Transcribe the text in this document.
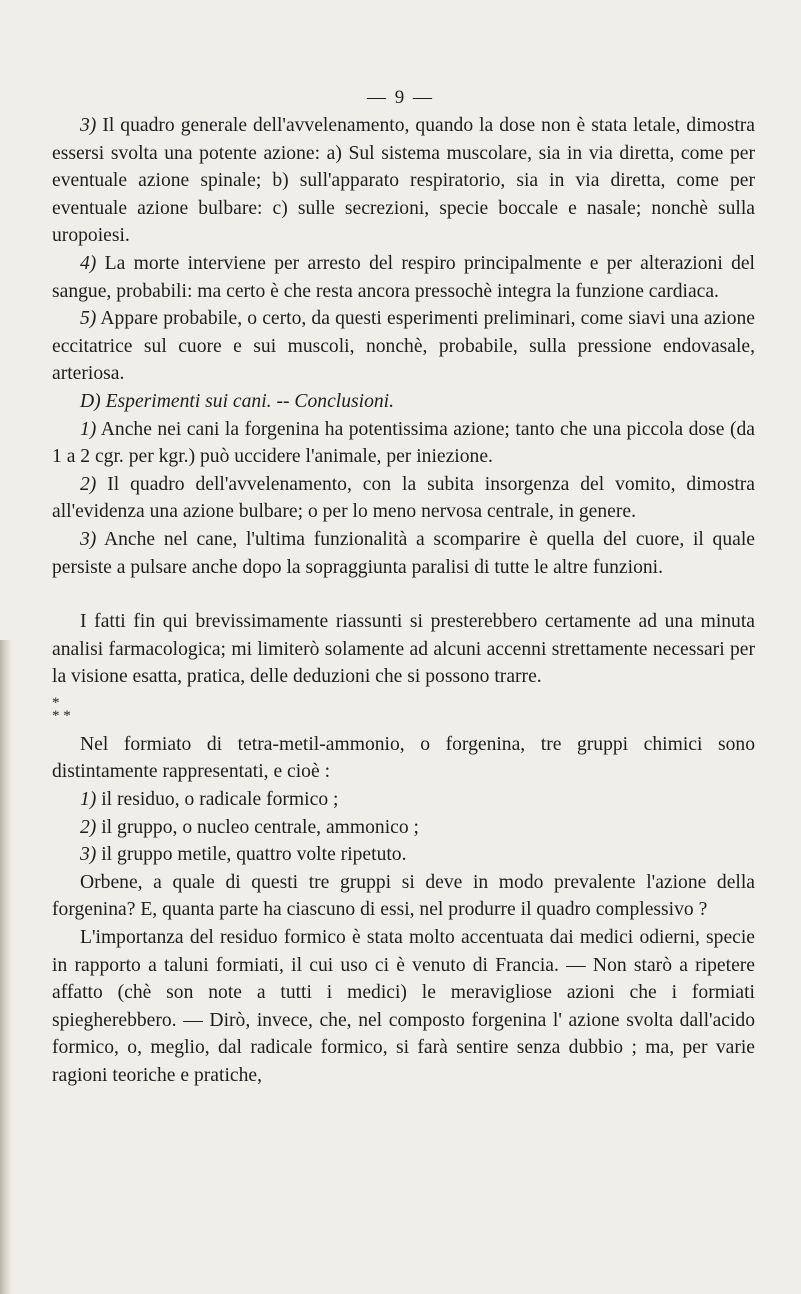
— 9 —

3) Il quadro generale dell'avvelenamento, quando la dose non è stata letale, dimostra essersi svolta una potente azione: a) Sul sistema muscolare, sia in via diretta, come per eventuale azione spinale; b) sull'apparato respiratorio, sia in via diretta, come per eventuale azione bulbare: c) sulle secrezioni, specie boccale e nasale; nonchè sulla uropoiesi.

4) La morte interviene per arresto del respiro principalmente e per alterazioni del sangue, probabili: ma certo è che resta ancora pressochè integra la funzione cardiaca.

5) Appare probabile, o certo, da questi esperimenti preliminari, come siavi una azione eccitatrice sul cuore e sui muscoli, nonchè, probabile, sulla pressione endovasale, arteriosa.

D) Esperimenti sui cani. -- Conclusioni.

1) Anche nei cani la forgenina ha potentissima azione; tanto che una piccola dose (da 1 a 2 cgr. per kgr.) può uccidere l'animale, per iniezione.

2) Il quadro dell'avvelenamento, con la subita insorgenza del vomito, dimostra all'evidenza una azione bulbare; o per lo meno nervosa centrale, in genere.

3) Anche nel cane, l'ultima funzionalità a scomparire è quella del cuore, il quale persiste a pulsare anche dopo la sopraggiunta paralisi di tutte le altre funzioni.

I fatti fin qui brevissimamente riassunti si presterebbero certamente ad una minuta analisi farmacologica; mi limiterò solamente ad alcuni accenni strettamente necessari per la visione esatta, pratica, delle deduzioni che si possono trarre.

*
* *

Nel formiato di tetra-metil-ammonio, o forgenina, tre gruppi chimici sono distintamente rappresentati, e cioè :

1) il residuo, o radicale formico ;

2) il gruppo, o nucleo centrale, ammonico ;

3) il gruppo metile, quattro volte ripetuto.

Orbene, a quale di questi tre gruppi si deve in modo prevalente l'azione della forgenina? E, quanta parte ha ciascuno di essi, nel produrre il quadro complessivo ?

L'importanza del residuo formico è stata molto accentuata dai medici odierni, specie in rapporto a taluni formiati, il cui uso ci è venuto di Francia. — Non starò a ripetere affatto (chè son note a tutti i medici) le meravigliose azioni che i formiati spiegherebbero. — Dirò, invece, che, nel composto forgenina l' azione svolta dall'acido formico, o, meglio, dal radicale formico, si farà sentire senza dubbio ; ma, per varie ragioni teoriche e pratiche,
